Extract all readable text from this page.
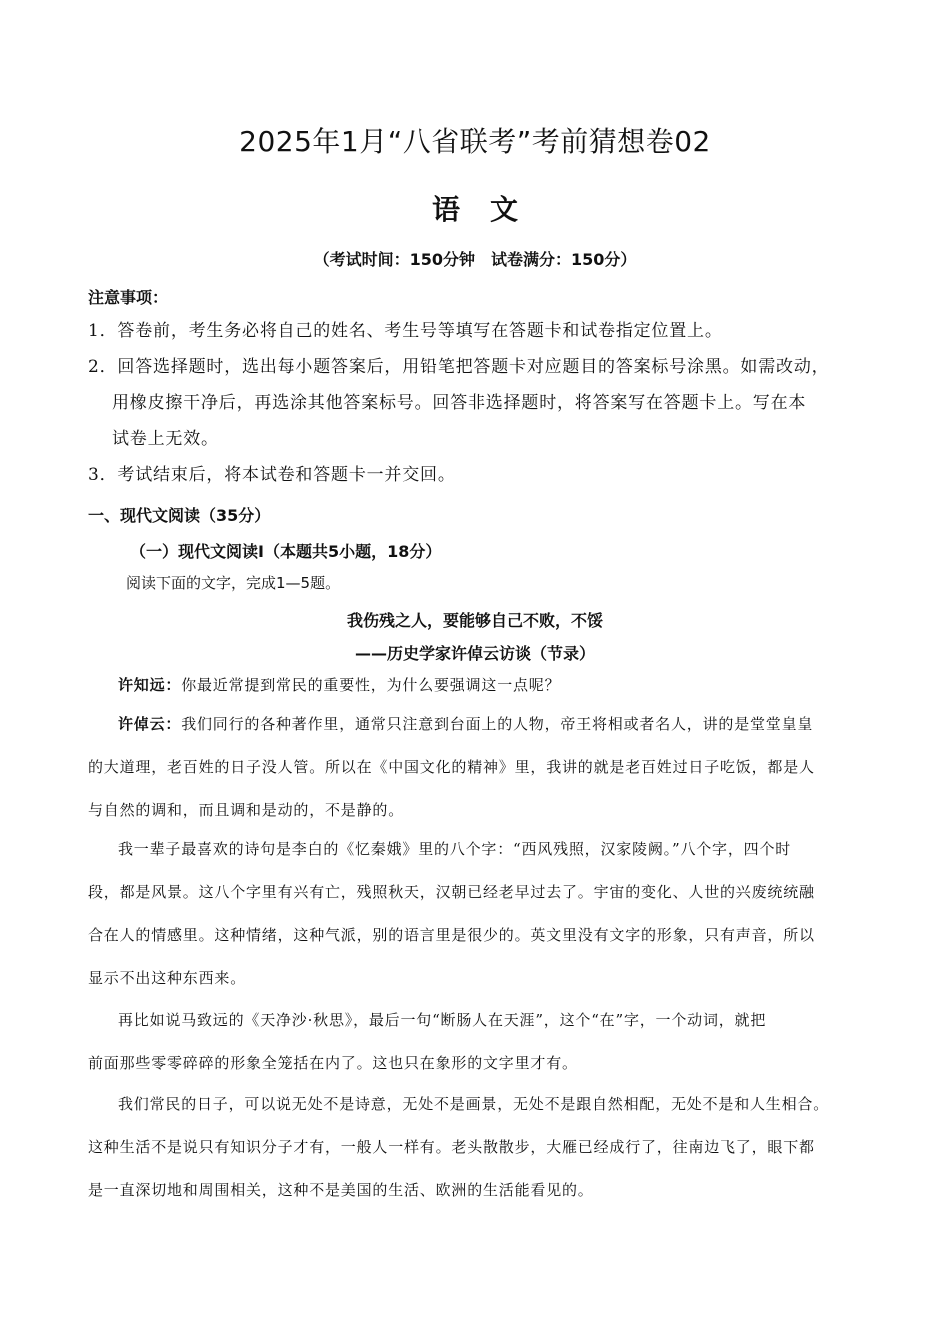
2025年1月“八省联考”考前猜想卷02
语文
（考试时间：150分钟　试卷满分：150分）
注意事项：
1．答卷前，考生务必将自己的姓名、考生号等填写在答题卡和试卷指定位置上。
2．回答选择题时，选出每小题答案后，用铅笔把答题卡对应题目的答案标号涂黑。如需改动，
用橡皮擦干净后，再选涂其他答案标号。回答非选择题时，将答案写在答题卡上。写在本
试卷上无效。
3．考试结束后，将本试卷和答题卡一并交回。
一、现代文阅读（35分）
（一）现代文阅读Ⅰ（本题共5小题，18分）
阅读下面的文字，完成1—5题。
我伤残之人，要能够自己不败，不馁
——历史学家许倬云访谈（节录）
许知远：你最近常提到常民的重要性，为什么要强调这一点呢？
许倬云：我们同行的各种著作里，通常只注意到台面上的人物，帝王将相或者名人，讲的是堂堂皇皇
的大道理，老百姓的日子没人管。所以在《中国文化的精神》里，我讲的就是老百姓过日子吃饭，都是人
与自然的调和，而且调和是动的，不是静的。
我一辈子最喜欢的诗句是李白的《忆秦娥》里的八个字：“西风残照，汉家陵阙。”八个字，四个时
段，都是风景。这八个字里有兴有亡，残照秋天，汉朝已经老早过去了。宇宙的变化、人世的兴废统统融
合在人的情感里。这种情绪，这种气派，别的语言里是很少的。英文里没有文字的形象，只有声音，所以
显示不出这种东西来。
再比如说马致远的《天净沙·秋思》，最后一句“断肠人在天涯”，这个“在”字，一个动词，就把
前面那些零零碎碎的形象全笼括在内了。这也只在象形的文字里才有。
我们常民的日子，可以说无处不是诗意，无处不是画景，无处不是跟自然相配，无处不是和人生相合。
这种生活不是说只有知识分子才有，一般人一样有。老头散散步，大雁已经成行了，往南边飞了，眼下都
是一直深切地和周围相关，这种不是美国的生活、欧洲的生活能看见的。
